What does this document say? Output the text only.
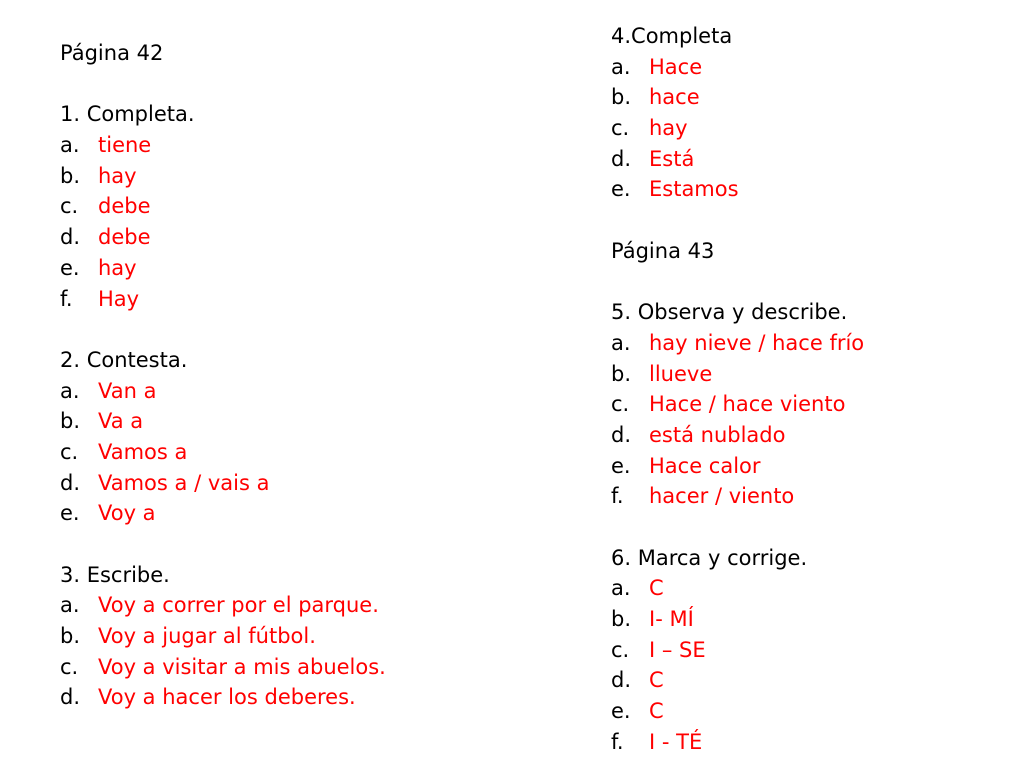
Página 42
1. Completa.
a. tiene
b. hay
c. debe
d. debe
e. hay
f.	Hay
2. Contesta.
a. Van a
b. Va a
c. Vamos a
d. Vamos a / vais a
e. Voy a
3. Escribe.
a. Voy a correr por el parque.
b. Voy a jugar al fútbol.
c. Voy a visitar a mis abuelos.
d. Voy a hacer los deberes.
4.Completa
a. Hace
b. hace
c. hay
d. Está
e. Estamos
Página 43
5. Observa y describe.
a. hay nieve / hace frío
b. llueve
c. Hace / hace viento
d. está nublado
e. Hace calor
f.	hacer / viento
6. Marca y corrige.
a. C
b. I- MÍ
c. I – SE
d. C
e. C
f.	I - TÉ
